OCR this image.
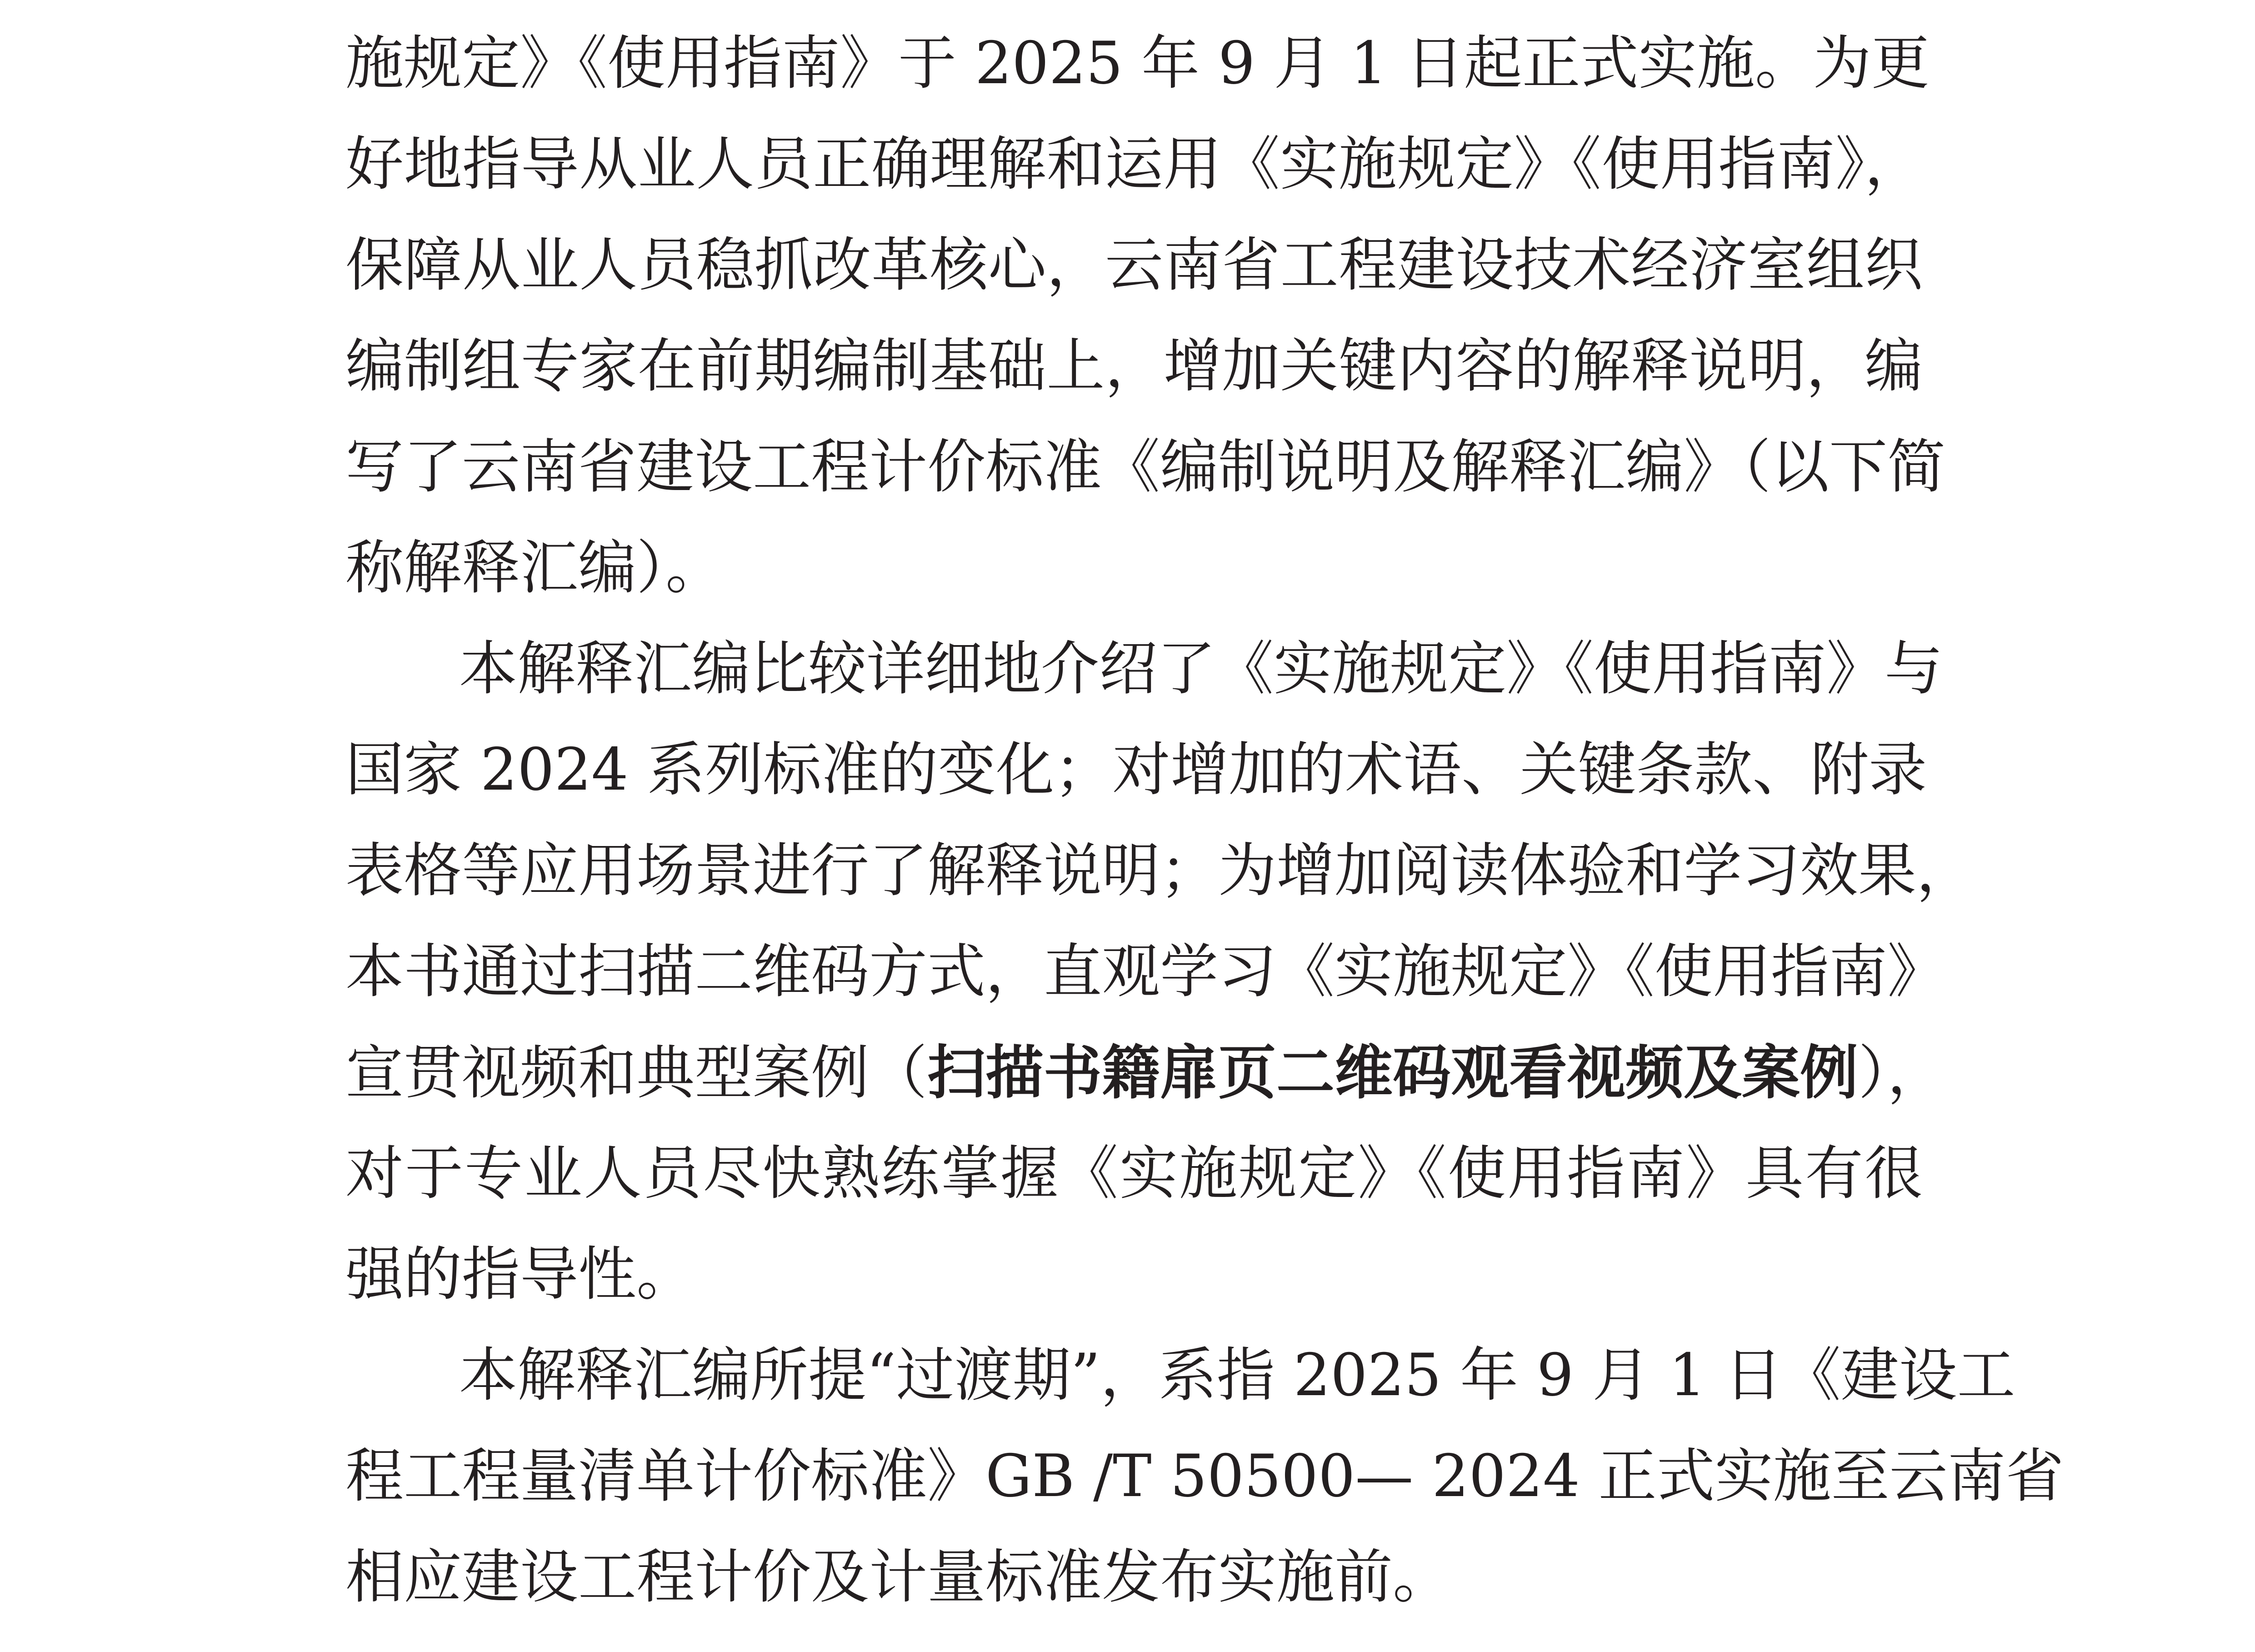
施规定》《使用指南》于 2025 年 9 月 1 日起正式实施。为更
好地指导从业人员正确理解和运用《实施规定》《使用指南》，
保障从业人员稳抓改革核心，云南省工程建设技术经济室组织
编制组专家在前期编制基础上，增加关键内容的解释说明，编
写了云南省建设工程计价标准《编制说明及解释汇编》（以下简
称解释汇编）。
本解释汇编比较详细地介绍了《实施规定》《使用指南》与
国家 2024 系列标准的变化；对增加的术语、关键条款、附录
表格等应用场景进行了解释说明；为增加阅读体验和学习效果，
本书通过扫描二维码方式，直观学习《实施规定》《使用指南》
宣贯视频和典型案例（扫描书籍扉页二维码观看视频及案例），
对于专业人员尽快熟练掌握《实施规定》《使用指南》具有很
强的指导性。
本解释汇编所提“过渡期”，系指 2025 年 9 月 1 日《建设工
程工程量清单计价标准》GB /T 50500— 2024 正式实施至云南省
相应建设工程计价及计量标准发布实施前。
